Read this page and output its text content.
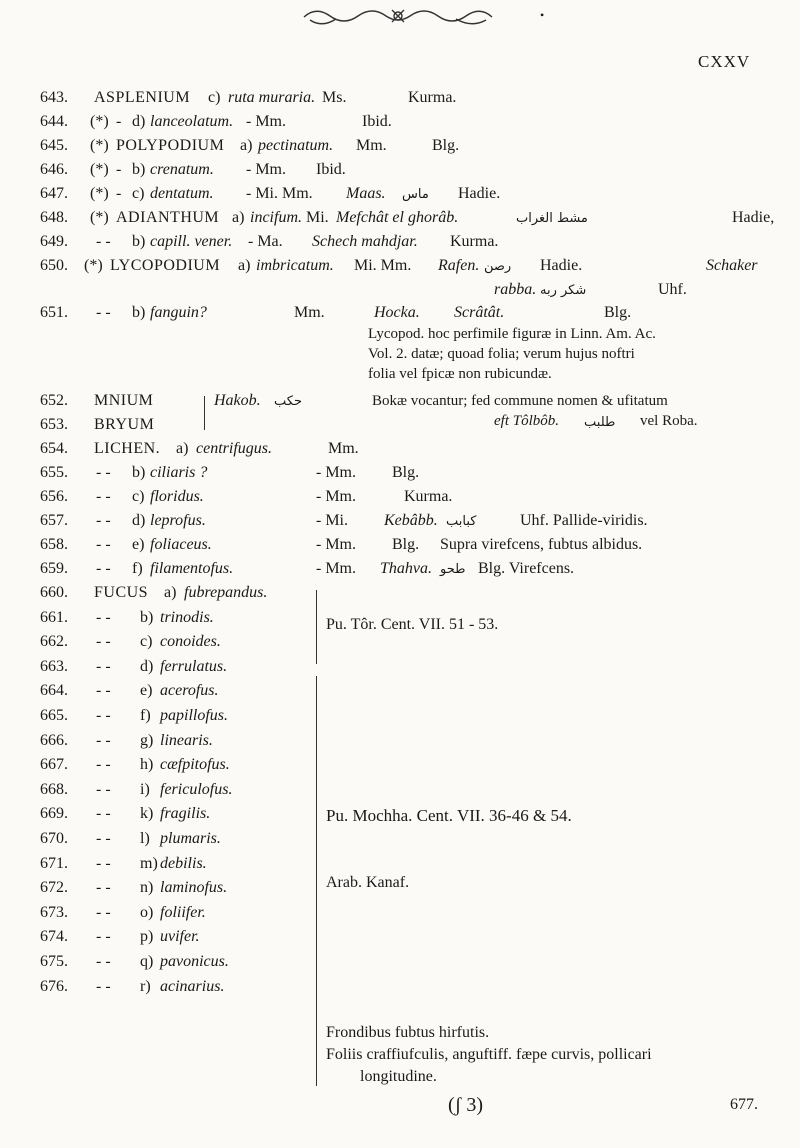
•
CXXV
643. ASPLENIUM c) ruta muraria. Ms.	Kurma.
644. (*) - d) lanceolatum. - Mm.	Ibid.
645. (*) POLYPODIUM a) pectinatum. Mm.	Blg.
646. (*) - b) crenatum. - Mm. Ibid.
647. (*) - c) dentatum. - Mi. Mm. Maas. ماس Hadie.
648. (*) ADIANTHUM a) incifum. Mi. Mefchât el ghorâb.	مشط الغراب	Hadie,
649. - - b) capill. vener. - Ma. Schech mahdjar. Kurma.
650. (*) LYCOPODIUM a) imbricatum. Mi. Mm. Rafen. رصن Hadie.	Schaker
rabba. شكر ربه	Uhf.
651. - - b) fanguin?	Mm.	Hocka. Scrâtât.	Blg.
Lycopod. hoc perfimile figuræ in Linn. Am. Ac.
Vol. 2. datæ; quoad folia; verum hujus noftri
folia vel fpicæ non rubicundæ.
652. MNIUM
653. BRYUM
Hakob. حكب	Bokæ vocantur; fed commune nomen & ufitatum
eft Tôlbôb. طلبب vel Roba.
654. LICHEN. a) centrifugus.	Mm.
655. - - b) ciliaris ?	- Mm. Blg.
656. - - c) floridus.	- Mm.	Kurma.
657. - - d) leprofus.	- Mi. Kebâbb. كبابب	Uhf. Pallide-viridis.
658. - - e) foliaceus.	- Mm. Blg. Supra virefcens, fubtus albidus.
659. - - f) filamentofus.	- Mm. Thahva. طحو Blg. Virefcens.
660. FUCUS a) fubrepandus.
661. - - b) trinodis.
662. - - c) conoides.
663. - - d) ferrulatus.
664. - - e) acerofus.
665. - - f) papillofus.
666. - - g) linearis.
667. - - h) cæfpitofus.
668. - - i) fericulofus.
669. - - k) fragilis.
670. - - l) plumaris.
671. - - m) debilis.
672. - - n) laminofus.
673. - - o) foliifer.
674. - - p) uvifer.
675. - - q) pavonicus.
676. - - r) acinarius.
Pu. Tôr. Cent. VII. 51 - 53.
Pu. Mochha. Cent. VII. 36-46 & 54.
Arab. Kanaf.
Frondibus fubtus hirfutis.
Foliis craffiufculis, anguftiff. fæpe curvis, pollicari
longitudine.
(ʃ 3)	677.
